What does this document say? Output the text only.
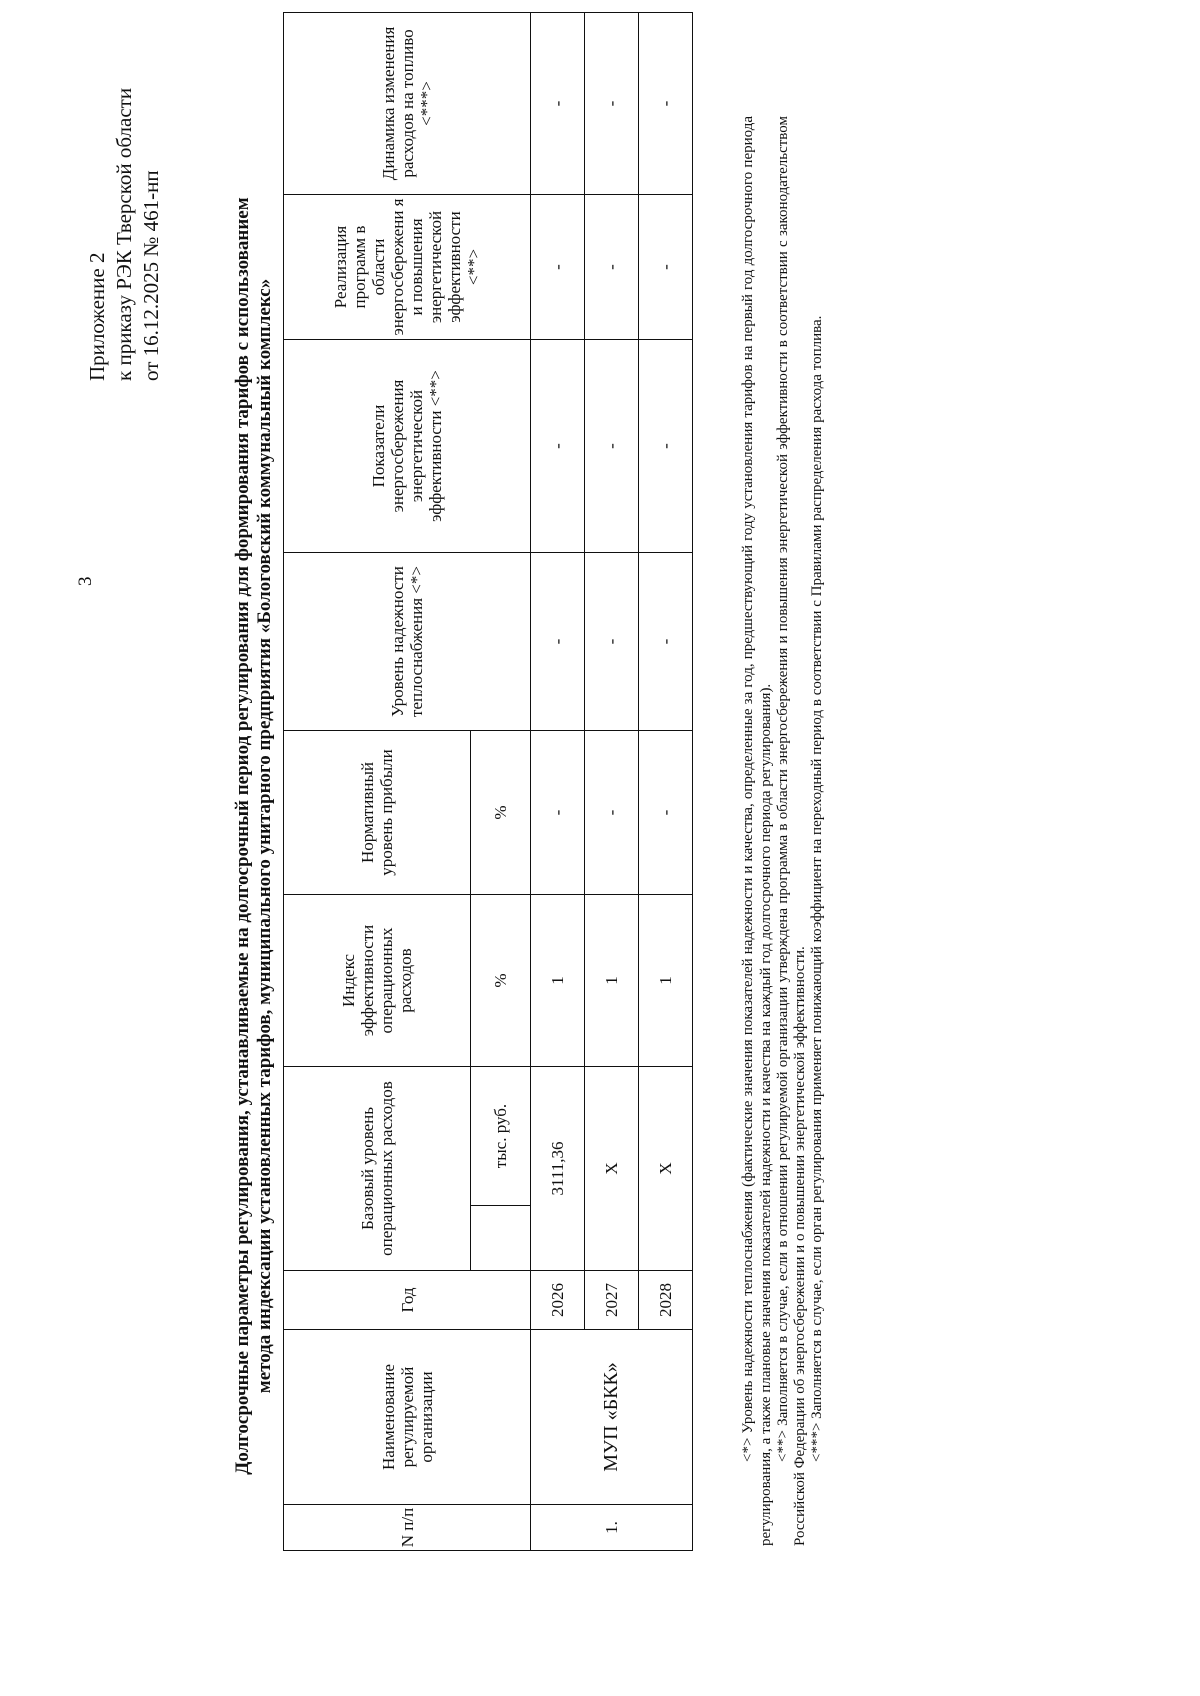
3
Приложение 2 к приказу РЭК Тверской области от 16.12.2025 № 461-нп	Долгосрочные параметры регулирования, устанавливаемые на долгосрочный период регулирования для формирования тарифов с использованием метода индексации установленных тарифов, муниципального унитарного предприятия «Бологовский коммунальный комплекс»
N п/п	Наименование регулируемой организации	Год	Базовый уровень операционных расходов		Индекс эффективности операционных расходов	Нормативный уровень прибыли	Уровень надежности теплоснабжения <*>	Показатели энергосбережения энергетической эффективности <**>	Реализация программ в области энергосбережени я и повышения энергетической эффективности <**>	Динамика изменения расходов на топливо <***>
				тыс. руб.	%	%				
1.	МУП «БКК»	2026	3111,36		1	-	-	-	-	-
		2027	X		1	-	-	-	-	-
		2028	X		1	-	-	-	-	-

<*> Уровень надежности теплоснабжения (фактические значения показателей надежности и качества, определенные за год, предшествующий году установления тарифов на первый год долгосрочного периода регулирования, а также плановые значения показателей надежности и качества на каждый год долгосрочного периода регулирования). <**> Заполняется в случае, если в отношении регулируемой организации утверждена программа в области энергосбережения и повышения энергетической эффективности в соответствии с законодательством Российской Федерации об энергосбережении и о повышении энергетической эффективности. <***> Заполняется в случае, если орган регулирования применяет понижающий коэффициент на переходный период в соответствии с Правилами распределения расхода топлива.
